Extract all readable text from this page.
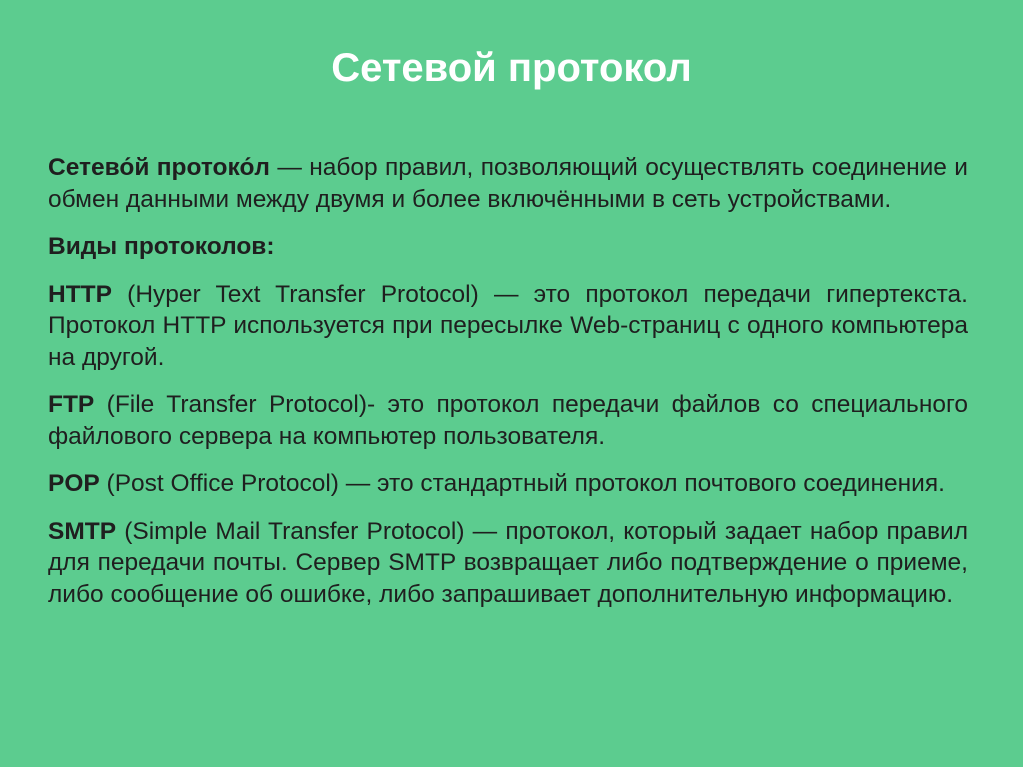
Сетевой протокол

Сетево́й протоко́л — набор правил, позволяющий осуществлять соединение и обмен данными между двумя и более включёнными в сеть устройствами.

Виды протоколов:

HTTP (Hyper Text Transfer Protocol) — это протокол передачи гипертекста. Протокол HTTP используется при пересылке Web-страниц с одного компьютера на другой.

FTP (File Transfer Protocol)- это протокол передачи файлов со специального файлового сервера на компьютер пользователя.

POP (Post Office Protocol) — это стандартный протокол почтового соединения.

SMTP (Simple Mail Transfer Protocol) — протокол, который задает набор правил для передачи почты. Сервер SMTP возвращает либо подтверждение о приеме, либо сообщение об ошибке, либо запрашивает дополнительную информацию.
